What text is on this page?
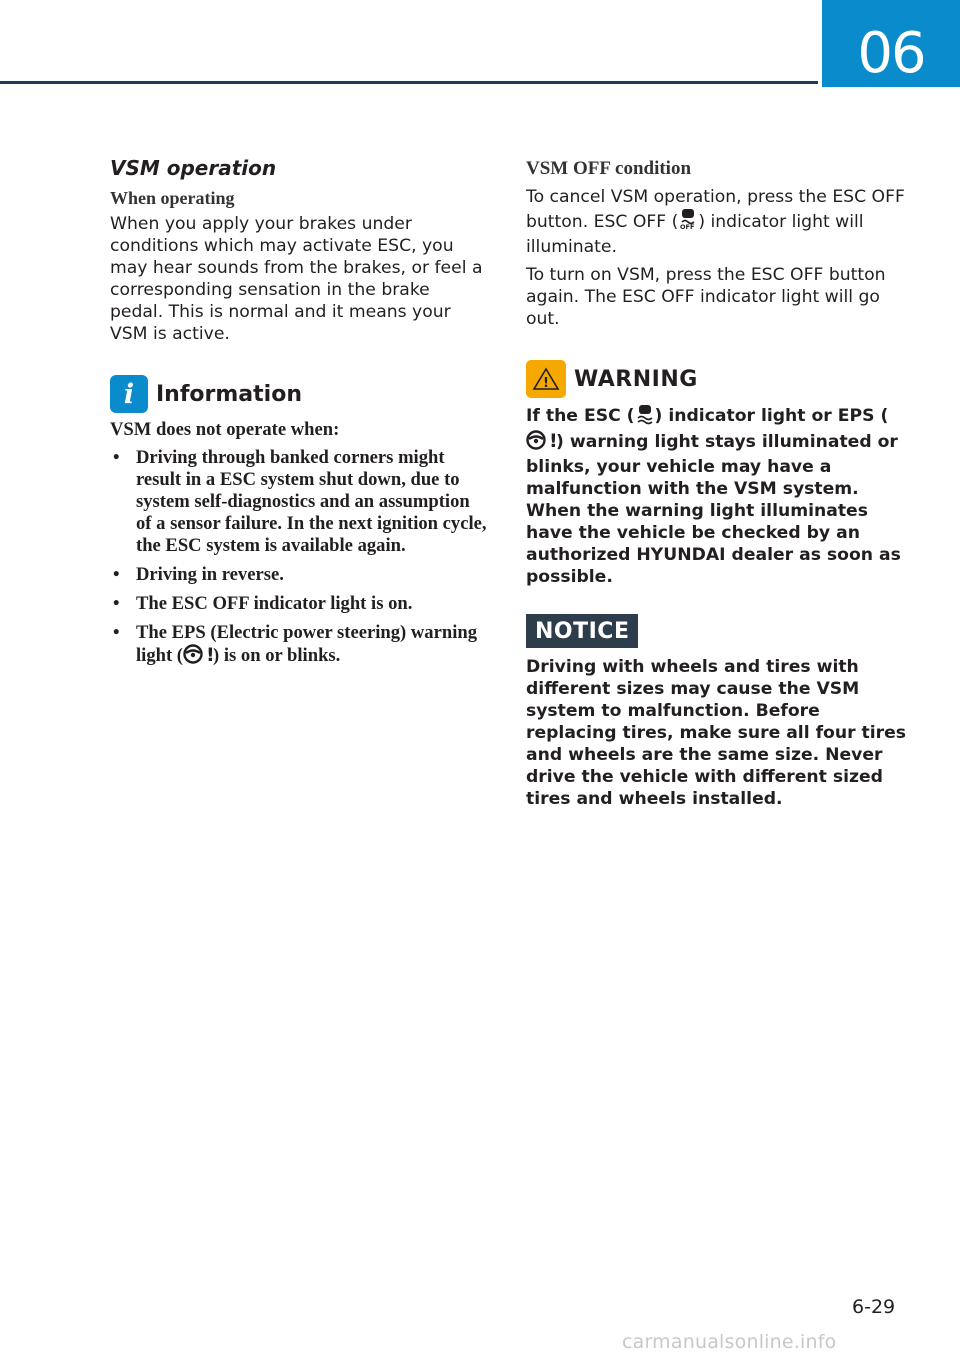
06
VSM operation
When operating

When you apply your brakes under conditions which may activate ESC, you may hear sounds from the brakes, or feel a corresponding sensation in the brake pedal. This is normal and it means your VSM is active.

i Information
VSM does not operate when:
• Driving through banked corners might result in a ESC system shut down, due to system self-diagnostics and an assumption of a sensor failure. In the next ignition cycle, the ESC system is available again.
• Driving in reverse.
• The ESC OFF indicator light is on.
• The EPS (Electric power steering) warning light ( !
) is on or blinks.
VSM OFF condition

To cancel VSM operation, press the ESC OFF button. ESC OFF ( OFF ) indicator light will illuminate.

To turn on VSM, press the ESC OFF button again. The ESC OFF indicator light will go out.

! WARNING

If the ESC ( ) indicator light or EPS (
!
) warning light stays illuminated or blinks, your vehicle may have a malfunction with the VSM system. When the warning light illuminates have the vehicle be checked by an authorized HYUNDAI dealer as soon as possible.

NOTICE

Driving with wheels and tires with different sizes may cause the VSM system to malfunction. Before replacing tires, make sure all four tires and wheels are the same size. Never drive the vehicle with different sized tires and wheels installed.

6-29
carmanualsonline.info
